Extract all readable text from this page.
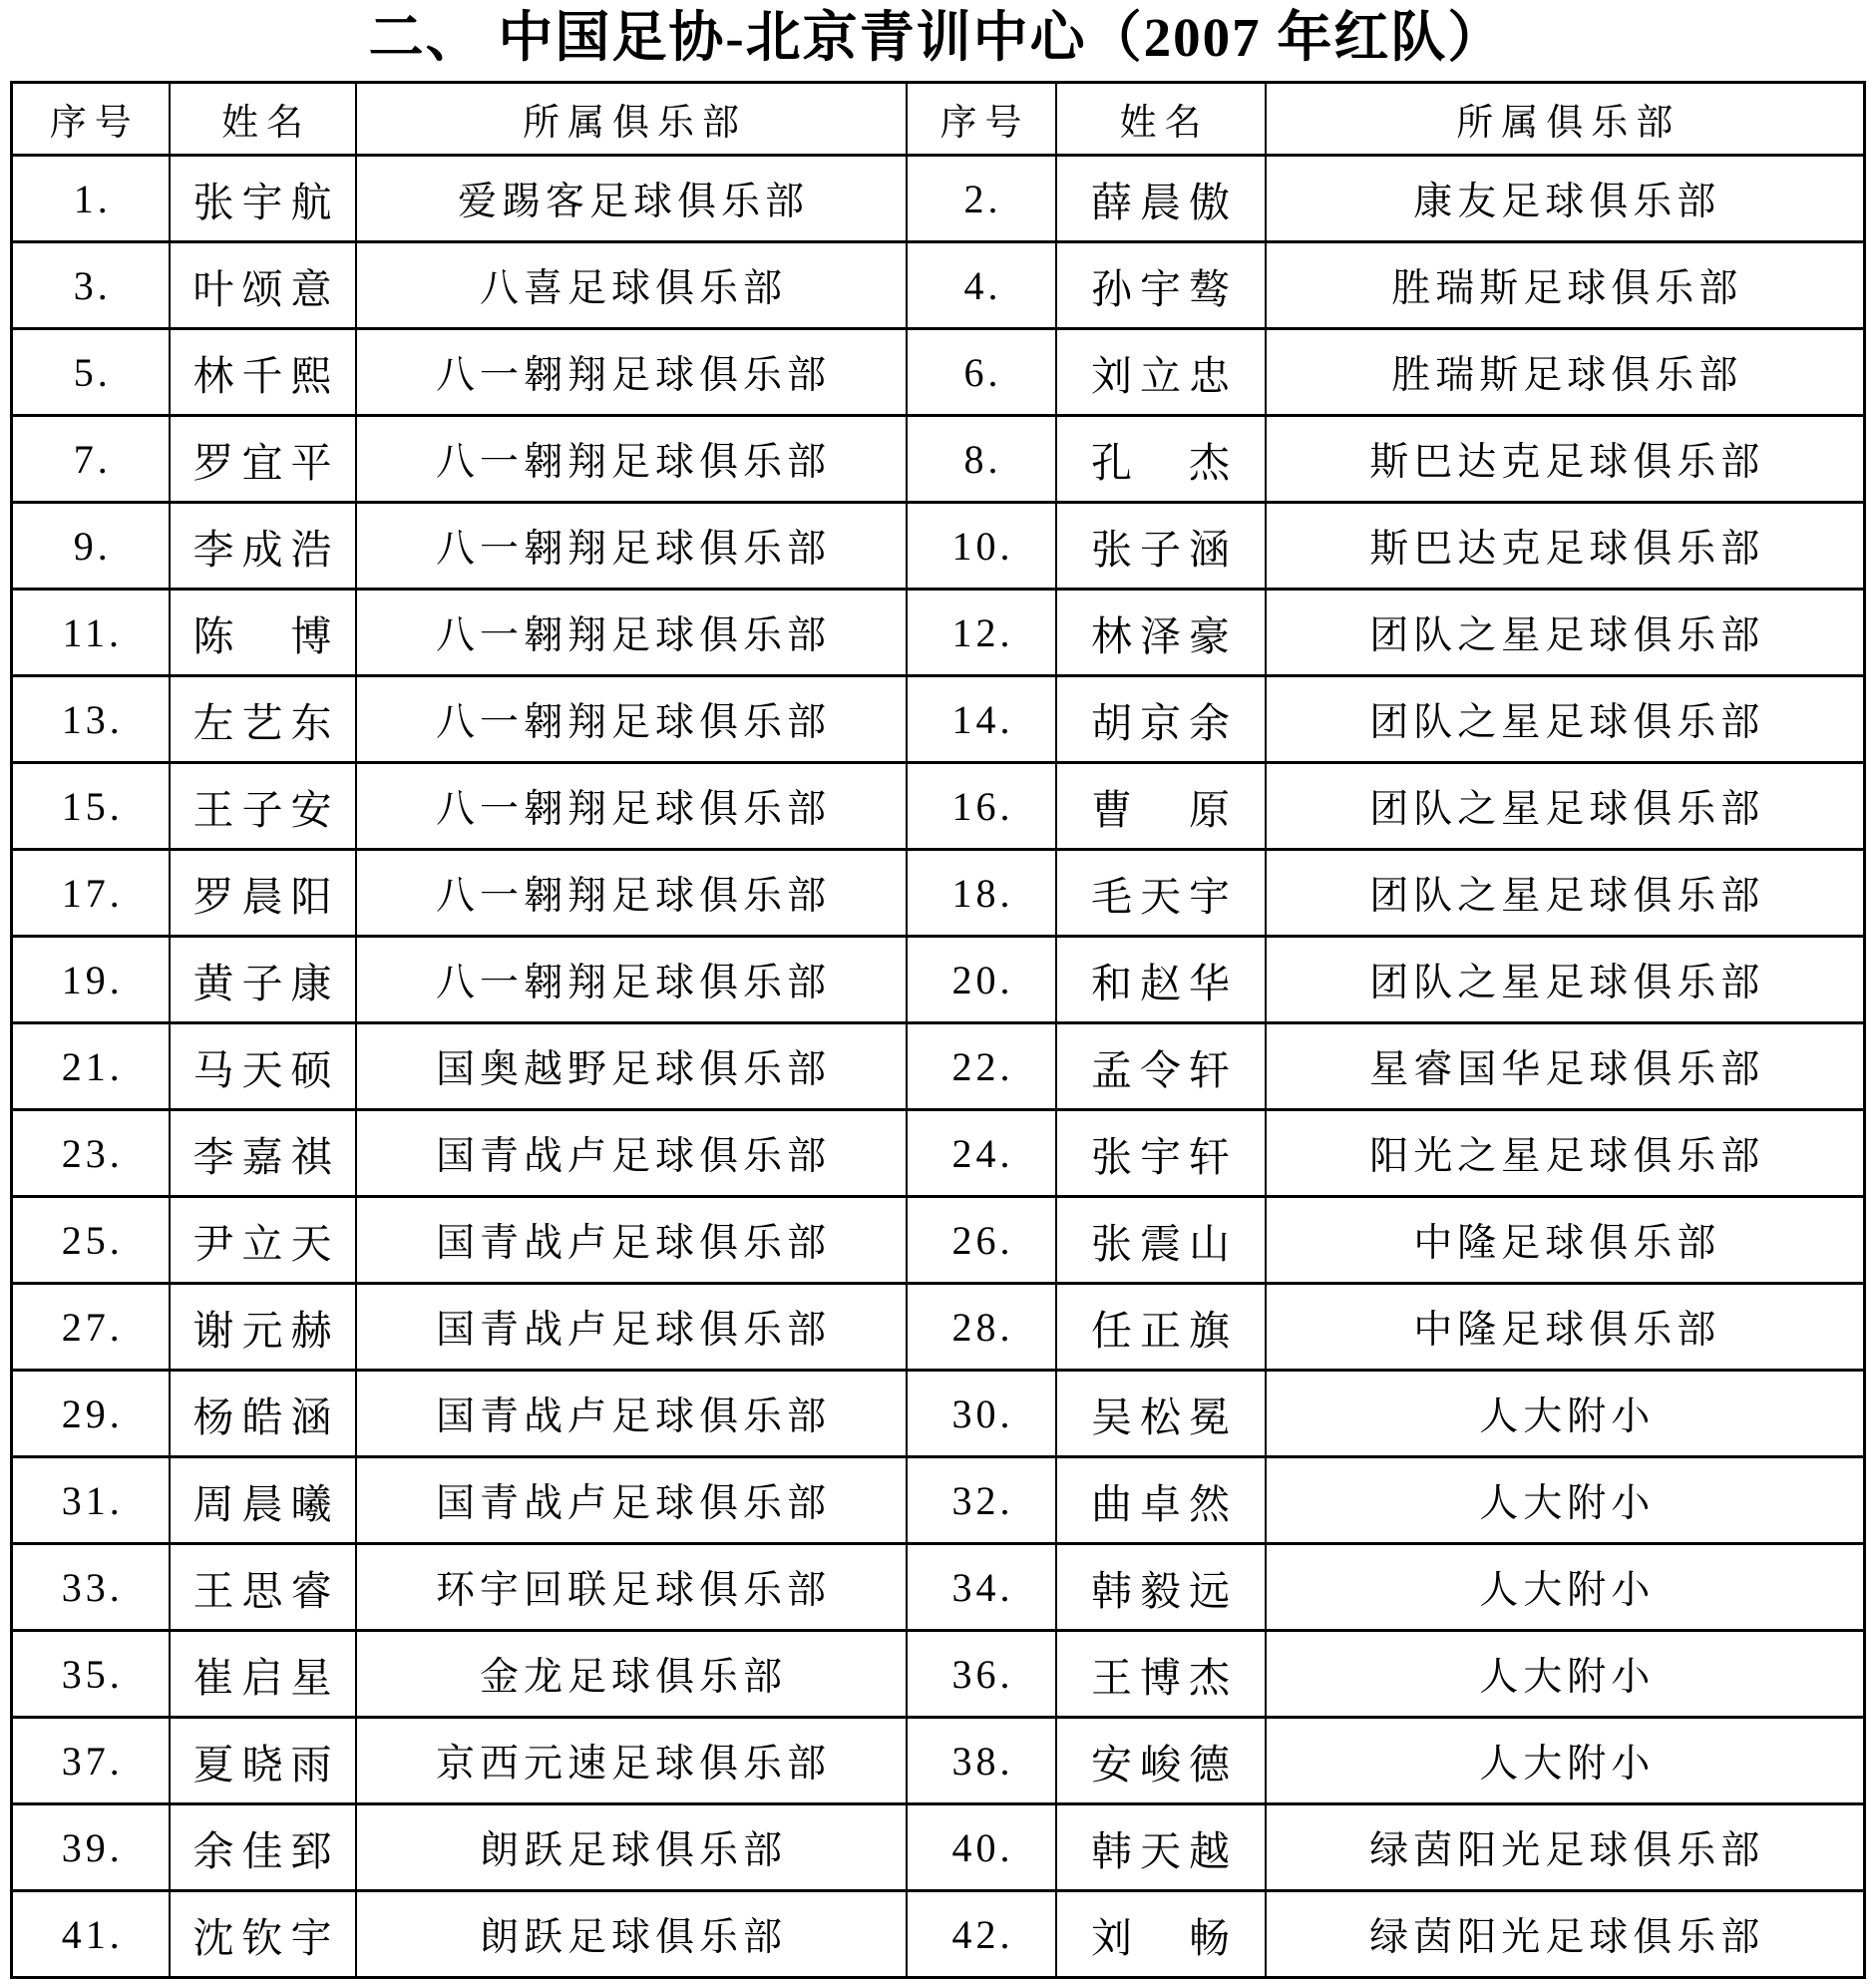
二、 中国足协-北京青训中心（2007 年红队）
序号	姓名	所属俱乐部	序号	姓名	所属俱乐部
1.	张宇航	爱踢客足球俱乐部	2.	薛晨傲	康友足球俱乐部
3.	叶颂意	八喜足球俱乐部	4.	孙宇骜	胜瑞斯足球俱乐部
5.	林千熙	八一翱翔足球俱乐部	6.	刘立忠	胜瑞斯足球俱乐部
7.	罗宜平	八一翱翔足球俱乐部	8.	孔　杰	斯巴达克足球俱乐部
9.	李成浩	八一翱翔足球俱乐部	10.	张子涵	斯巴达克足球俱乐部
11.	陈　博	八一翱翔足球俱乐部	12.	林泽豪	团队之星足球俱乐部
13.	左艺东	八一翱翔足球俱乐部	14.	胡京余	团队之星足球俱乐部
15.	王子安	八一翱翔足球俱乐部	16.	曹　原	团队之星足球俱乐部
17.	罗晨阳	八一翱翔足球俱乐部	18.	毛天宇	团队之星足球俱乐部
19.	黄子康	八一翱翔足球俱乐部	20.	和赵华	团队之星足球俱乐部
21.	马天硕	国奥越野足球俱乐部	22.	孟令轩	星睿国华足球俱乐部
23.	李嘉祺	国青战卢足球俱乐部	24.	张宇轩	阳光之星足球俱乐部
25.	尹立天	国青战卢足球俱乐部	26.	张震山	中隆足球俱乐部
27.	谢元赫	国青战卢足球俱乐部	28.	任正旗	中隆足球俱乐部
29.	杨皓涵	国青战卢足球俱乐部	30.	吴松冕	人大附小
31.	周晨曦	国青战卢足球俱乐部	32.	曲卓然	人大附小
33.	王思睿	环宇回联足球俱乐部	34.	韩毅远	人大附小
35.	崔启星	金龙足球俱乐部	36.	王博杰	人大附小
37.	夏晓雨	京西元速足球俱乐部	38.	安峻德	人大附小
39.	余佳郅	朗跃足球俱乐部	40.	韩天越	绿茵阳光足球俱乐部
41.	沈钦宇	朗跃足球俱乐部	42.	刘　畅	绿茵阳光足球俱乐部
